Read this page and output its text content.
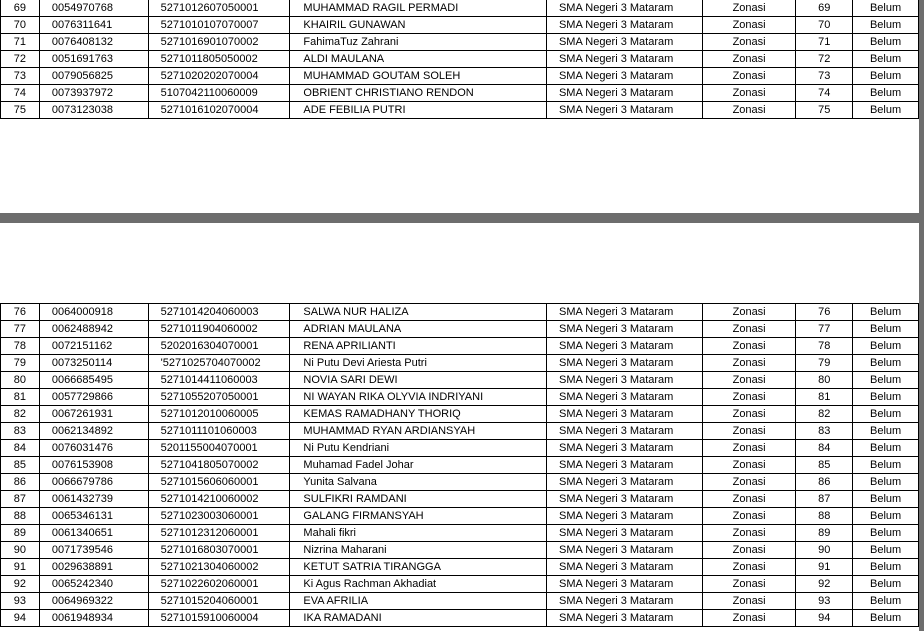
69	0054970768	5271012607050001	MUHAMMAD RAGIL PERMADI	SMA Negeri 3 Mataram	Zonasi	69	Belum
70	0076311641	5271010107070007	KHAIRIL GUNAWAN	SMA Negeri 3 Mataram	Zonasi	70	Belum
71	0076408132	5271016901070002	FahimaTuz Zahrani	SMA Negeri 3 Mataram	Zonasi	71	Belum
72	0051691763	5271011805050002	ALDI MAULANA	SMA Negeri 3 Mataram	Zonasi	72	Belum
73	0079056825	5271020202070004	MUHAMMAD GOUTAM SOLEH	SMA Negeri 3 Mataram	Zonasi	73	Belum
74	0073937972	5107042110060009	OBRIENT CHRISTIANO RENDON	SMA Negeri 3 Mataram	Zonasi	74	Belum
75	0073123038	5271016102070004	ADE FEBILIA PUTRI	SMA Negeri 3 Mataram	Zonasi	75	Belum
76	0064000918	5271014204060003	SALWA NUR HALIZA	SMA Negeri 3 Mataram	Zonasi	76	Belum
77	0062488942	5271011904060002	ADRIAN MAULANA	SMA Negeri 3 Mataram	Zonasi	77	Belum
78	0072151162	5202016304070001	RENA APRILIANTI	SMA Negeri 3 Mataram	Zonasi	78	Belum
79	0073250114	'5271025704070002	Ni Putu Devi Ariesta Putri	SMA Negeri 3 Mataram	Zonasi	79	Belum
80	0066685495	5271014411060003	NOVIA SARI DEWI	SMA Negeri 3 Mataram	Zonasi	80	Belum
81	0057729866	5271055207050001	NI WAYAN RIKA OLYVIA INDRIYANI	SMA Negeri 3 Mataram	Zonasi	81	Belum
82	0067261931	5271012010060005	KEMAS RAMADHANY THORIQ	SMA Negeri 3 Mataram	Zonasi	82	Belum
83	0062134892	5271011101060003	MUHAMMAD RYAN ARDIANSYAH	SMA Negeri 3 Mataram	Zonasi	83	Belum
84	0076031476	5201155004070001	Ni Putu Kendriani	SMA Negeri 3 Mataram	Zonasi	84	Belum
85	0076153908	5271041805070002	Muhamad Fadel Johar	SMA Negeri 3 Mataram	Zonasi	85	Belum
86	0066679786	5271015606060001	Yunita Salvana	SMA Negeri 3 Mataram	Zonasi	86	Belum
87	0061432739	5271014210060002	SULFIKRI RAMDANI	SMA Negeri 3 Mataram	Zonasi	87	Belum
88	0065346131	5271023003060001	GALANG FIRMANSYAH	SMA Negeri 3 Mataram	Zonasi	88	Belum
89	0061340651	5271012312060001	Mahali fikri	SMA Negeri 3 Mataram	Zonasi	89	Belum
90	0071739546	5271016803070001	Nizrina Maharani	SMA Negeri 3 Mataram	Zonasi	90	Belum
91	0029638891	5271021304060002	KETUT SATRIA TIRANGGA	SMA Negeri 3 Mataram	Zonasi	91	Belum
92	0065242340	5271022602060001	Ki Agus Rachman Akhadiat	SMA Negeri 3 Mataram	Zonasi	92	Belum
93	0064969322	5271015204060001	EVA AFRILIA	SMA Negeri 3 Mataram	Zonasi	93	Belum
94	0061948934	5271015910060004	IKA RAMADANI	SMA Negeri 3 Mataram	Zonasi	94	Belum
